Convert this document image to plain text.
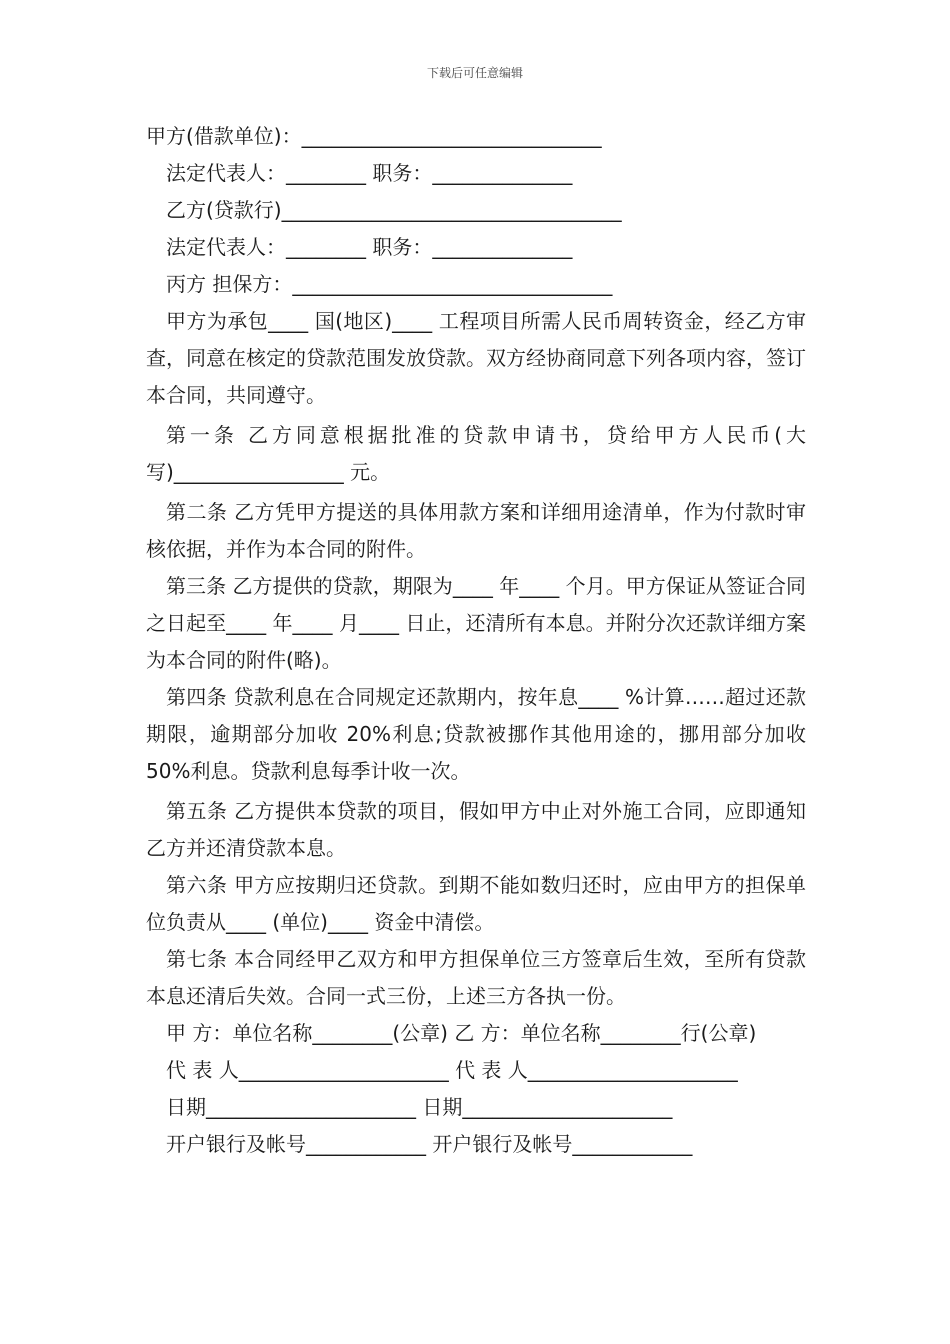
下载后可任意编辑
甲方(借款单位)：______________________________
法定代表人：________ 职务：______________
乙方(贷款行)__________________________________
法定代表人：________ 职务：______________
丙方 担保方：________________________________

甲方为承包____ 国(地区)____ 工程项目所需人民币周转资金，经乙方审查，同意在核定的贷款范围发放贷款。双方经协商同意下列各项内容，签订本合同，共同遵守。

第一条 乙方同意根据批准的贷款申请书，贷给甲方人民币(大写)_________________ 元。

第二条 乙方凭甲方提送的具体用款方案和详细用途清单，作为付款时审核依据，并作为本合同的附件。

第三条 乙方提供的贷款，期限为____ 年____ 个月。甲方保证从签证合同之日起至____ 年____ 月____ 日止，还清所有本息。并附分次还款详细方案为本合同的附件(略)。

第四条 贷款利息在合同规定还款期内，按年息____ %计算……超过还款期限，逾期部分加收 20%利息;贷款被挪作其他用途的，挪用部分加收 50%利息。贷款利息每季计收一次。

第五条 乙方提供本贷款的项目，假如甲方中止对外施工合同，应即通知乙方并还清贷款本息。

第六条 甲方应按期归还贷款。到期不能如数归还时，应由甲方的担保单位负责从____ (单位)____ 资金中清偿。

第七条 本合同经甲乙双方和甲方担保单位三方签章后生效，至所有贷款本息还清后失效。合同一式三份，上述三方各执一份。

甲 方：单位名称________(公章) 乙 方：单位名称________行(公章)

代 表 人_____________________ 代 表 人_____________________
日期_____________________ 日期_____________________
开户银行及帐号____________ 开户银行及帐号____________
